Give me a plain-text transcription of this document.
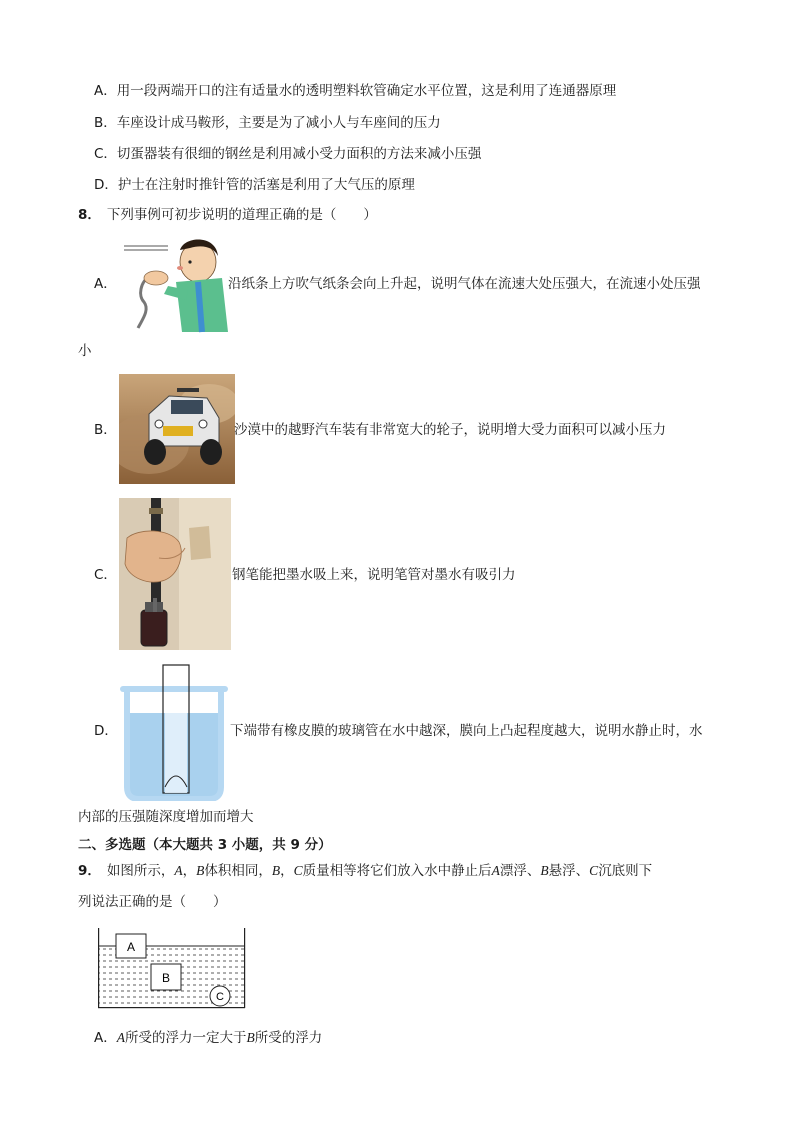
A．用一段两端开口的注有适量水的透明塑料软管确定水平位置，这是利用了连通器原理
B．车座设计成马鞍形，主要是为了减小人与车座间的压力
C．切蛋器装有很细的钢丝是利用减小受力面积的方法来减小压强
D．护士在注射时推针管的活塞是利用了大气压的原理
8． 下列事例可初步说明的道理正确的是（　　）
A．	沿纸条上方吹气纸条会向上升起，说明气体在流速大处压强大，在流速小处压强
小
B．	沙漠中的越野汽车装有非常宽大的轮子，说明增大受力面积可以减小压力
C．	钢笔能把墨水吸上来，说明笔管对墨水有吸引力
D．	下端带有橡皮膜的玻璃管在水中越深，膜向上凸起程度越大，说明水静止时，水
内部的压强随深度增加而增大
二、多选题（本大题共 3 小题，共 9 分）
9． 如图所示，A，B体积相同，B，C质量相等将它们放入水中静止后A漂浮、B悬浮、C沉底则下
列说法正确的是（　　）
A
B
C
A．A所受的浮力一定大于B所受的浮力
